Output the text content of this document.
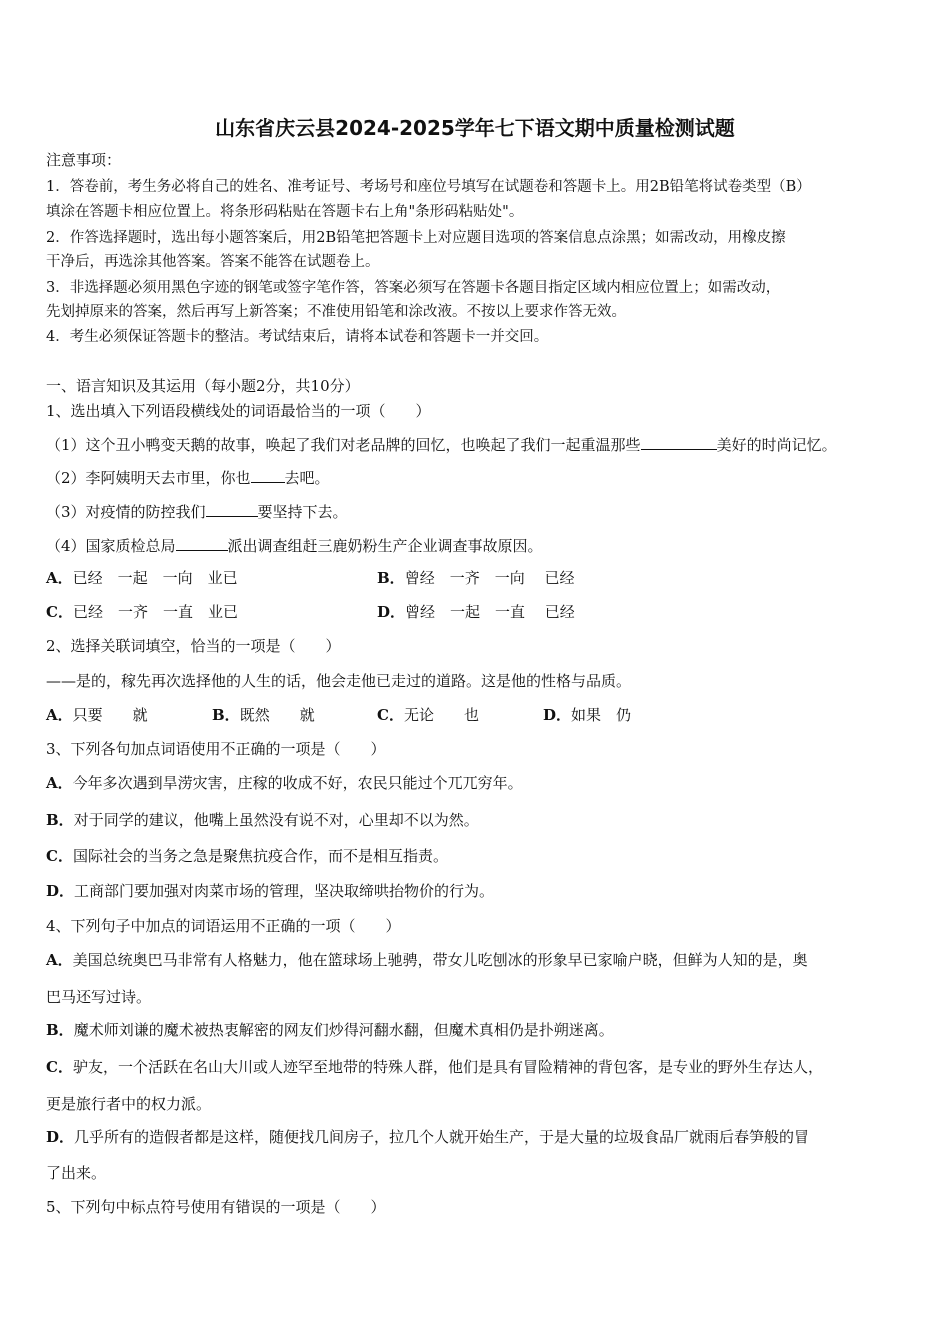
山东省庆云县2024-2025学年七下语文期中质量检测试题
注意事项：
1．答卷前，考生务必将自己的姓名、准考证号、考场号和座位号填写在试题卷和答题卡上。用2B铅笔将试卷类型（B）
填涂在答题卡相应位置上。将条形码粘贴在答题卡右上角"条形码粘贴处"。
2．作答选择题时，选出每小题答案后，用2B铅笔把答题卡上对应题目选项的答案信息点涂黑；如需改动，用橡皮擦
干净后，再选涂其他答案。答案不能答在试题卷上。
3．非选择题必须用黑色字迹的钢笔或签字笔作答，答案必须写在答题卡各题目指定区域内相应位置上；如需改动，
先划掉原来的答案，然后再写上新答案；不准使用铅笔和涂改液。不按以上要求作答无效。
4．考生必须保证答题卡的整洁。考试结束后，请将本试卷和答题卡一并交回。
一、语言知识及其运用（每小题2分，共10分）
1、选出填入下列语段横线处的词语最恰当的一项（　　）
（1）这个丑小鸭变天鹅的故事，唤起了我们对老品牌的回忆，也唤起了我们一起重温那些	美好的时尚记忆。
（2）李阿姨明天去市里，你也 去吧。
（3）对疫情的防控我们	要坚持下去。
（4）国家质检总局	派出调查组赶三鹿奶粉生产企业调查事故原因。
A．已经　一起　一向　业已	B．曾经　一齐　一向　 已经
C．已经　一齐　一直　业已	D．曾经　一起　一直　 已经
2、选择关联词填空，恰当的一项是（　　）
——是的，稼先再次选择他的人生的话，他会走他已走过的道路。这是他的性格与品质。
A．只要　　就	B．既然　　就	C．无论　　也	D．如果　仍
3、下列各句加点词语使用不正确的一项是（　　）
A．今年多次遇到旱涝灾害，庄稼的收成不好，农民只能过个兀兀穷年。
B．对于同学的建议，他嘴上虽然没有说不对，心里却不以为然。
C．国际社会的当务之急是聚焦抗疫合作，而不是相互指责。
D．工商部门要加强对肉菜市场的管理，坚决取缔哄抬物价的行为。
4、下列句子中加点的词语运用不正确的一项（　　）
A．美国总统奥巴马非常有人格魅力，他在篮球场上驰骋，带女儿吃刨冰的形象早已家喻户晓，但鲜为人知的是，奥
巴马还写过诗。
B．魔术师刘谦的魔术被热衷解密的网友们炒得河翻水翻，但魔术真相仍是扑朔迷离。
C．驴友，一个活跃在名山大川或人迹罕至地带的特殊人群，他们是具有冒险精神的背包客，是专业的野外生存达人，
更是旅行者中的权力派。
D．几乎所有的造假者都是这样，随便找几间房子，拉几个人就开始生产，于是大量的垃圾食品厂就雨后春笋般的冒
了出来。
5、下列句中标点符号使用有错误的一项是（　　）
